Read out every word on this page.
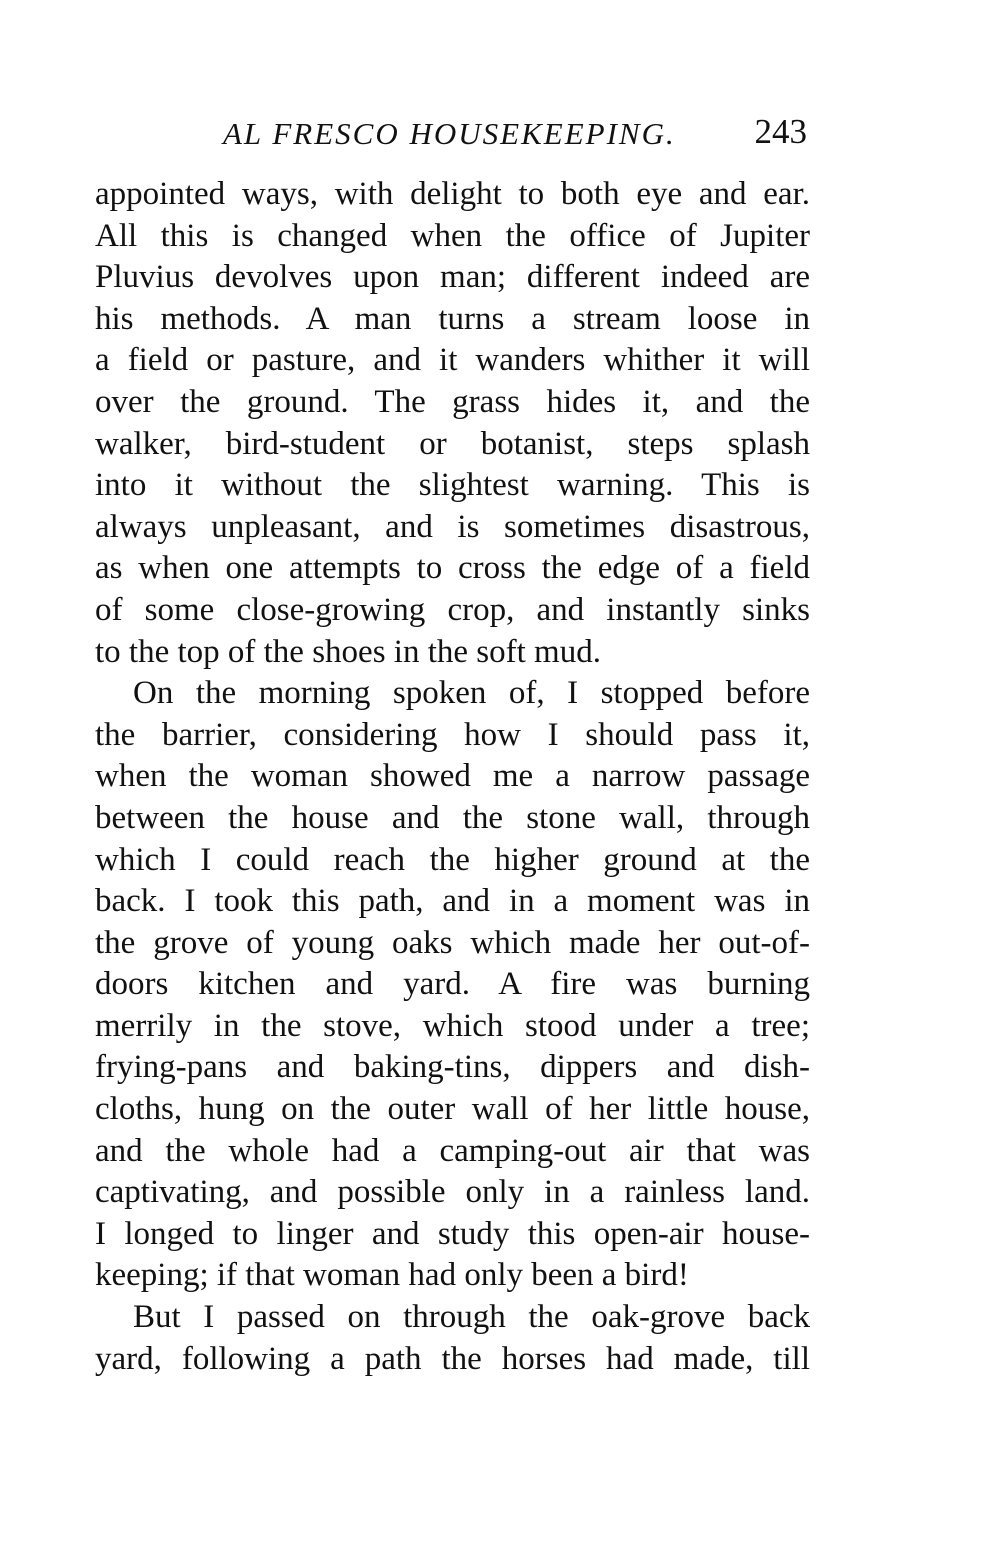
AL FRESCO HOUSEKEEPING. 243
appointed ways, with delight to both eye and ear.
All this is changed when the office of Jupiter
Pluvius devolves upon man; different indeed are
his methods. A man turns a stream loose in
a field or pasture, and it wanders whither it will
over the ground. The grass hides it, and the
walker, bird-student or botanist, steps splash
into it without the slightest warning. This is
always unpleasant, and is sometimes disastrous,
as when one attempts to cross the edge of a field
of some close-growing crop, and instantly sinks
to the top of the shoes in the soft mud.
On the morning spoken of, I stopped before
the barrier, considering how I should pass it,
when the woman showed me a narrow passage
between the house and the stone wall, through
which I could reach the higher ground at the
back. I took this path, and in a moment was in
the grove of young oaks which made her out-of-
doors kitchen and yard. A fire was burning
merrily in the stove, which stood under a tree;
frying-pans and baking-tins, dippers and dish-
cloths, hung on the outer wall of her little house,
and the whole had a camping-out air that was
captivating, and possible only in a rainless land.
I longed to linger and study this open-air house-
keeping; if that woman had only been a bird!
But I passed on through the oak-grove back
yard, following a path the horses had made, till
